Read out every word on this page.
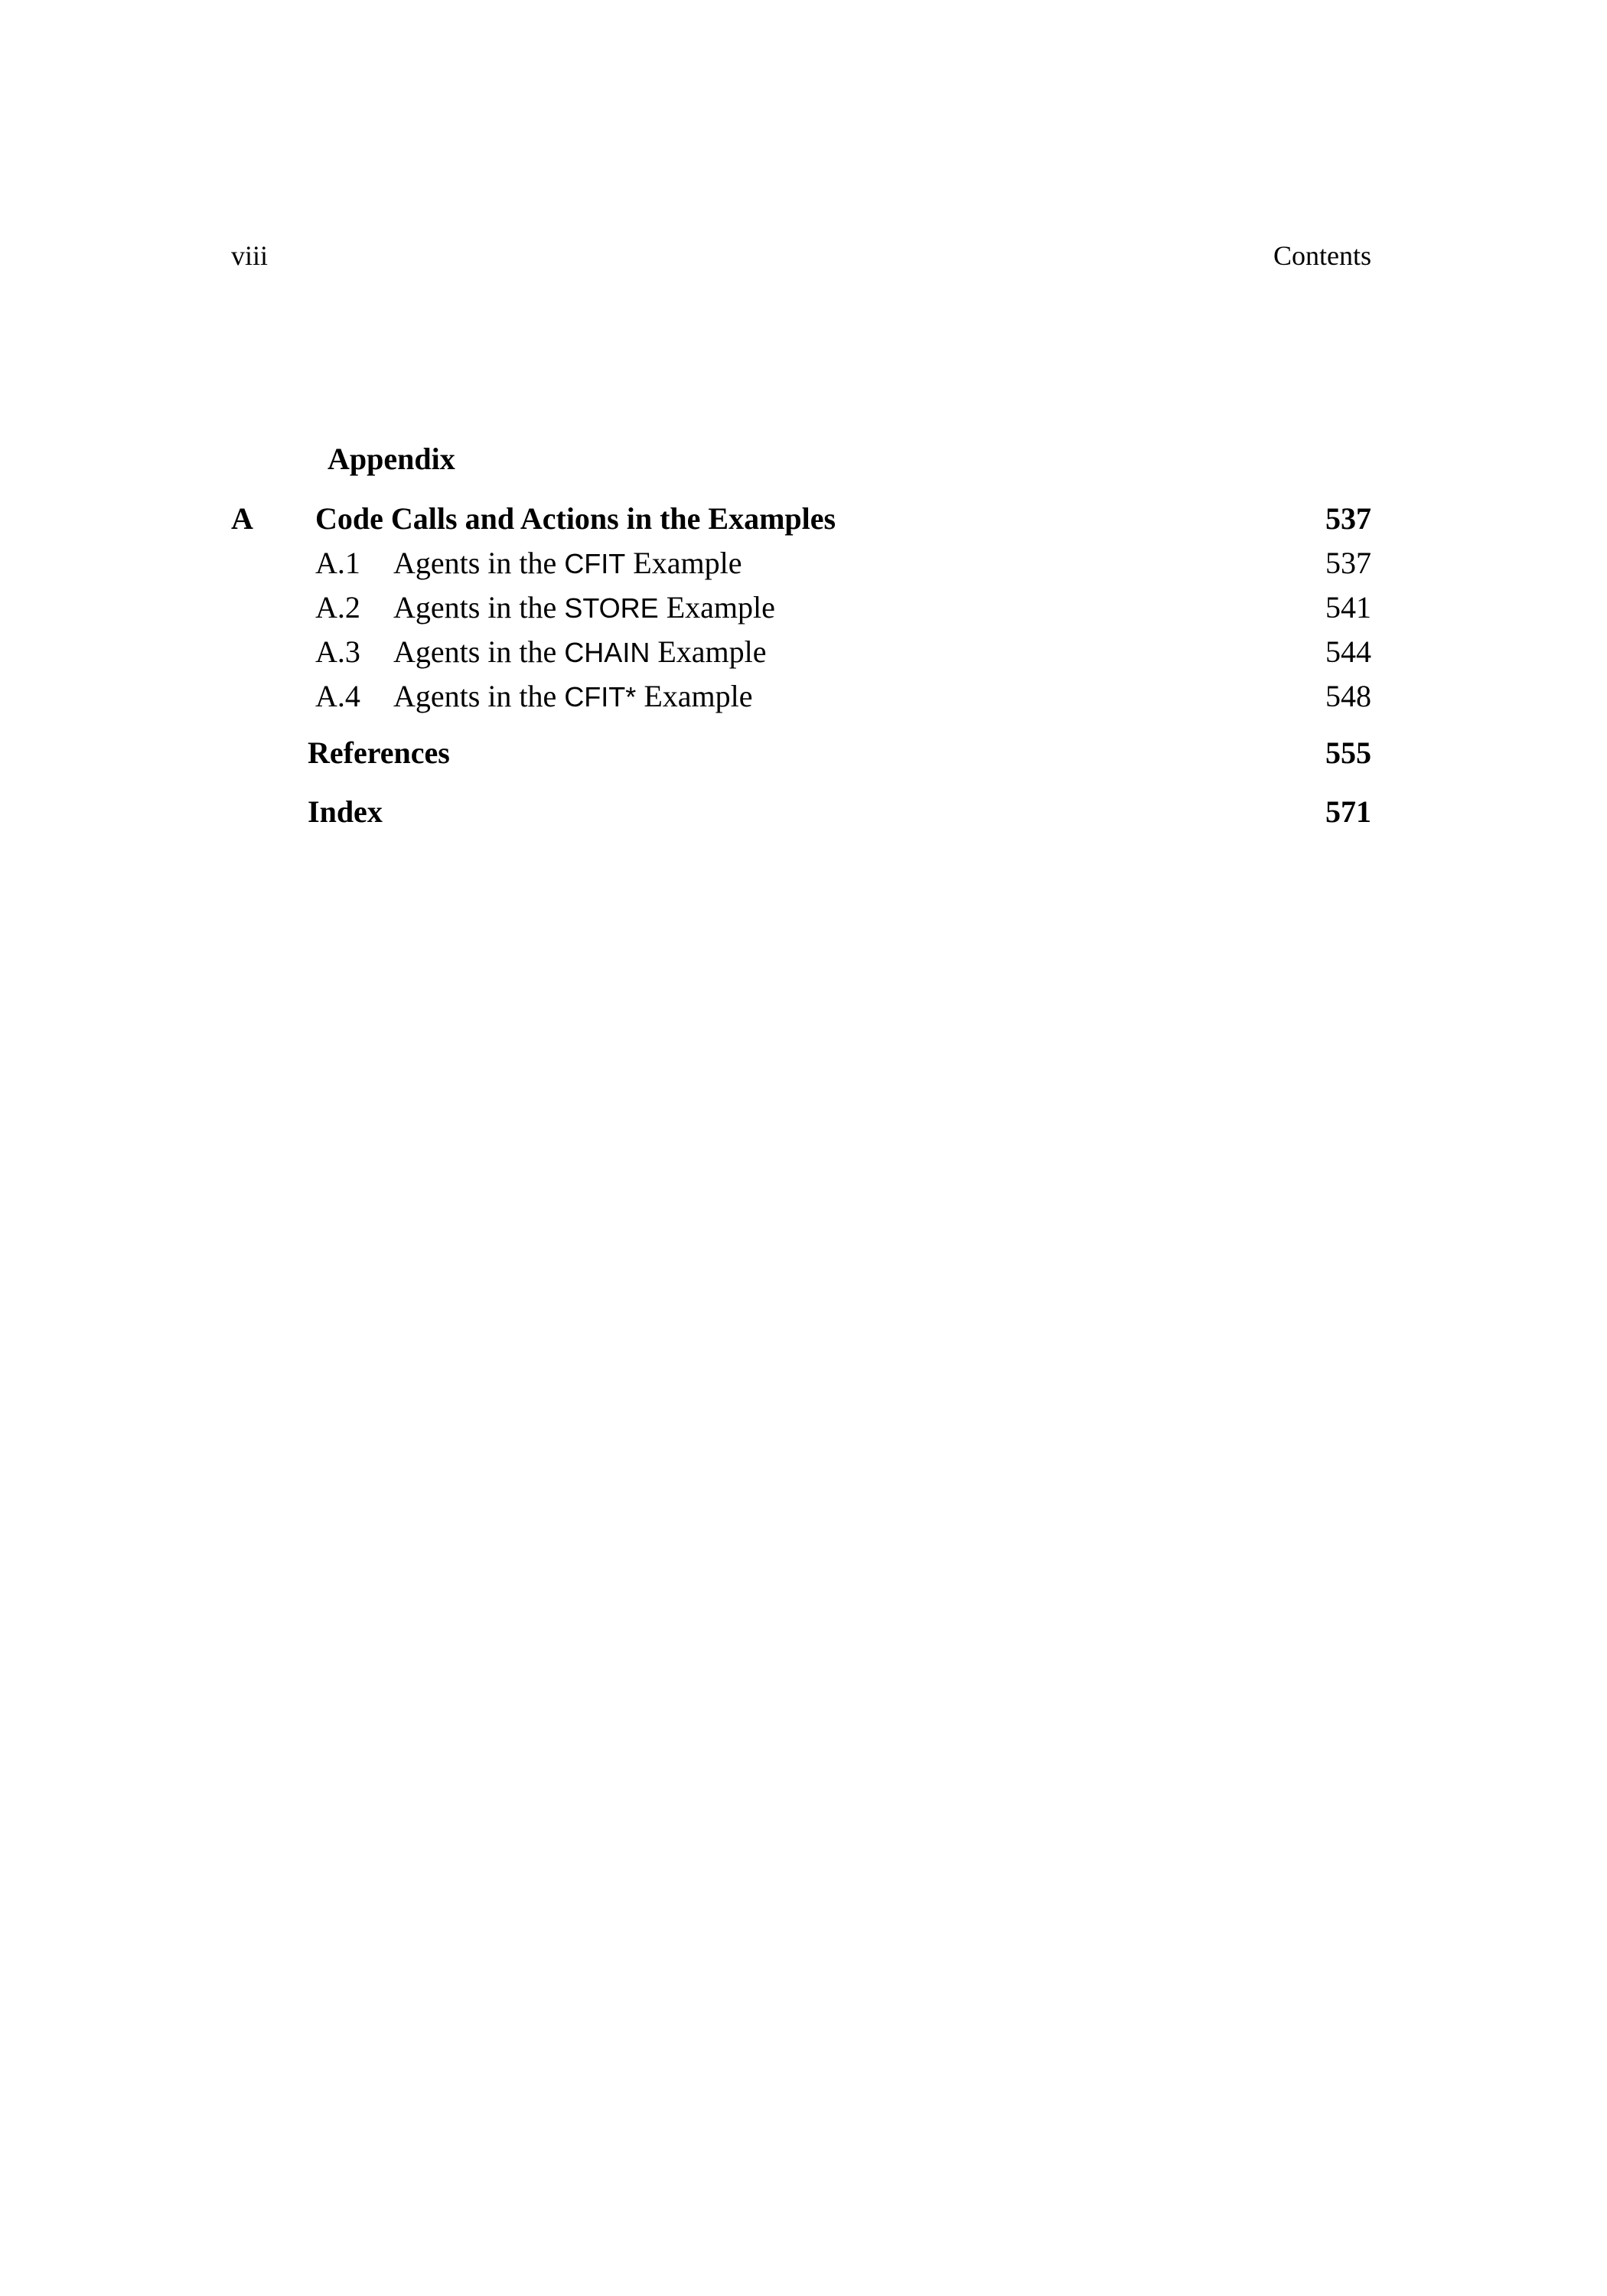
viii	Contents
Appendix
A Code Calls and Actions in the Examples	537
A.1 Agents in the CFIT Example	537
A.2 Agents in the STORE Example	541
A.3 Agents in the CHAIN Example	544
A.4 Agents in the CFIT* Example	548
References	555
Index	571
